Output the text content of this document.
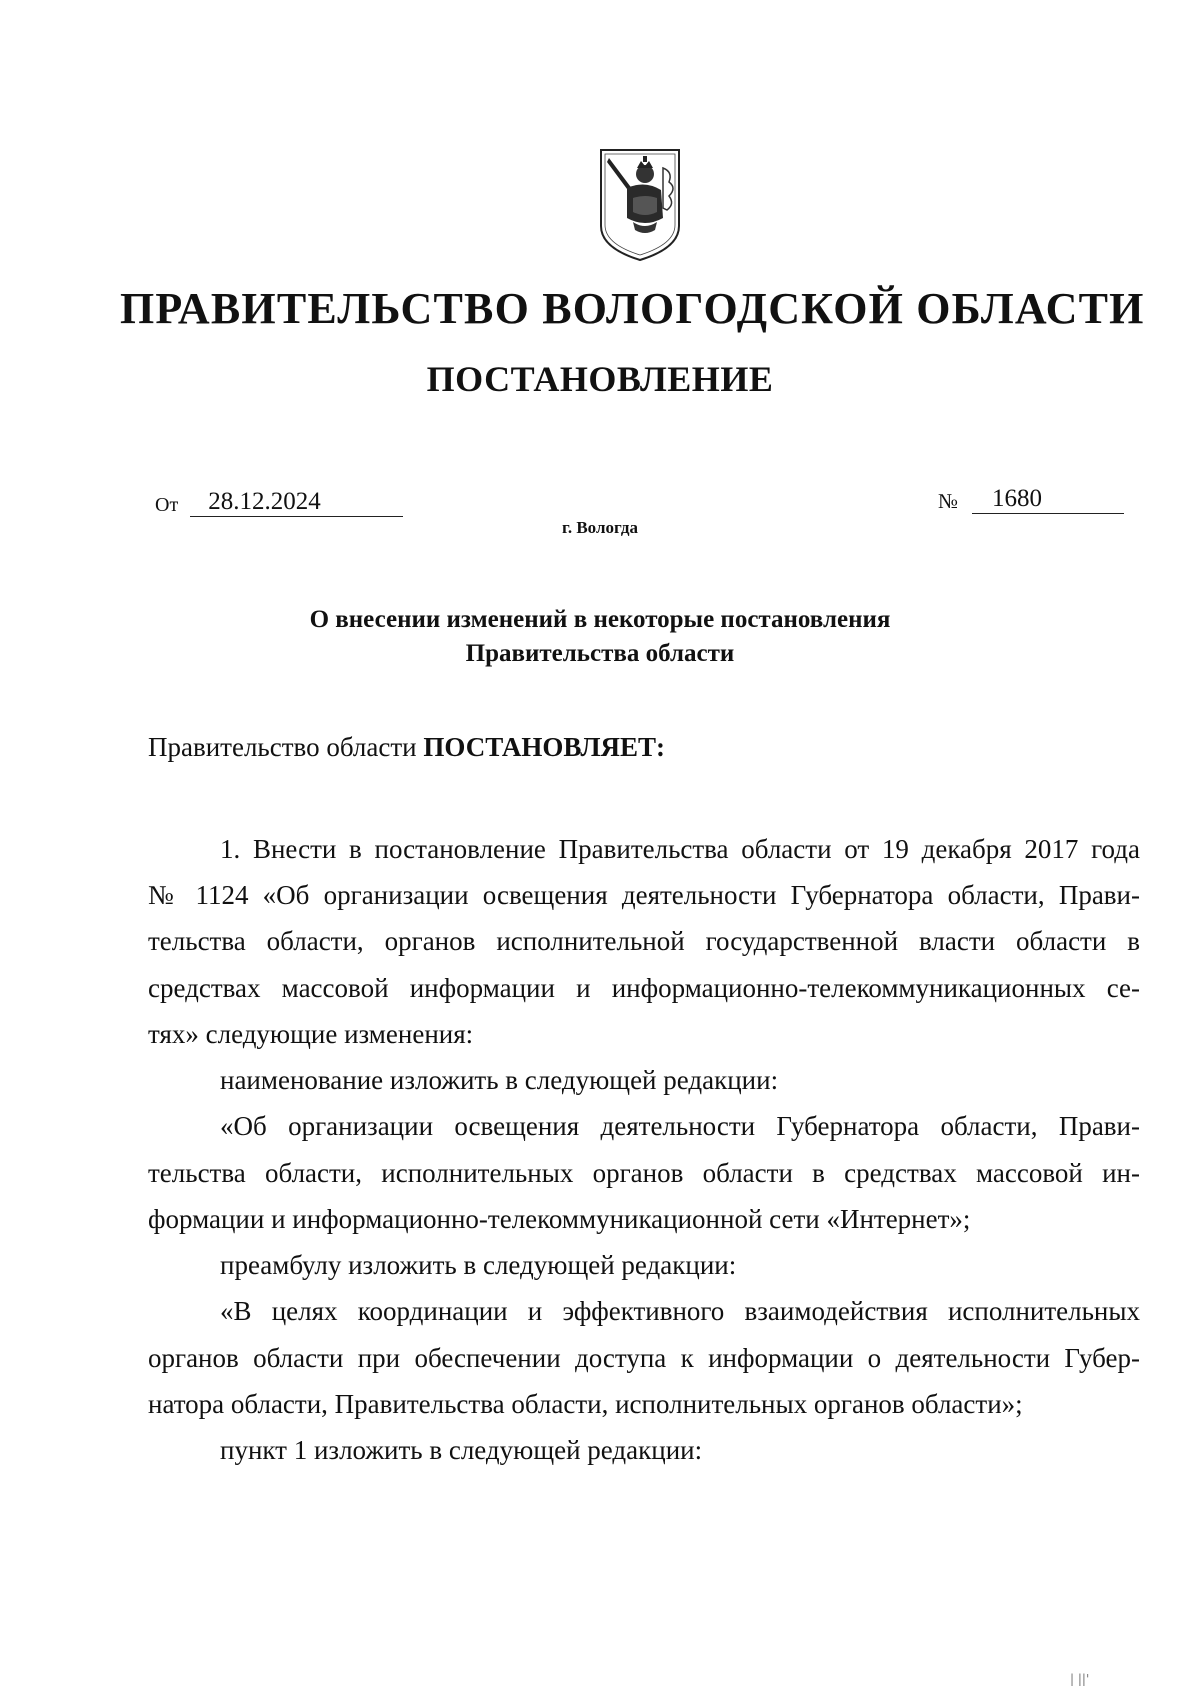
ПРАВИТЕЛЬСТВО ВОЛОГОДСКОЙ ОБЛАСТИ
ПОСТАНОВЛЕНИЕ
От	28.12.2024	№	1680
г. Вологда
О внесении изменений в некоторые постановления
Правительства области
Правительство области ПОСТАНОВЛЯЕТ:
1. Внести в постановление Правительства области от 19 декабря 2017 года
№ 1124 «Об организации освещения деятельности Губернатора области, Прави-
тельства области, органов исполнительной государственной власти области в
средствах массовой информации и информационно-телекоммуникационных се-
тях» следующие изменения:
наименование изложить в следующей редакции:
«Об организации освещения деятельности Губернатора области, Прави-
тельства области, исполнительных органов области в средствах массовой ин-
формации и информационно-телекоммуникационной сети «Интернет»;
преамбулу изложить в следующей редакции:
«В целях координации и эффективного взаимодействия исполнительных
органов области при обеспечении доступа к информации о деятельности Губер-
натора области, Правительства области, исполнительных органов области»;
пункт 1 изложить в следующей редакции:
| ||'
